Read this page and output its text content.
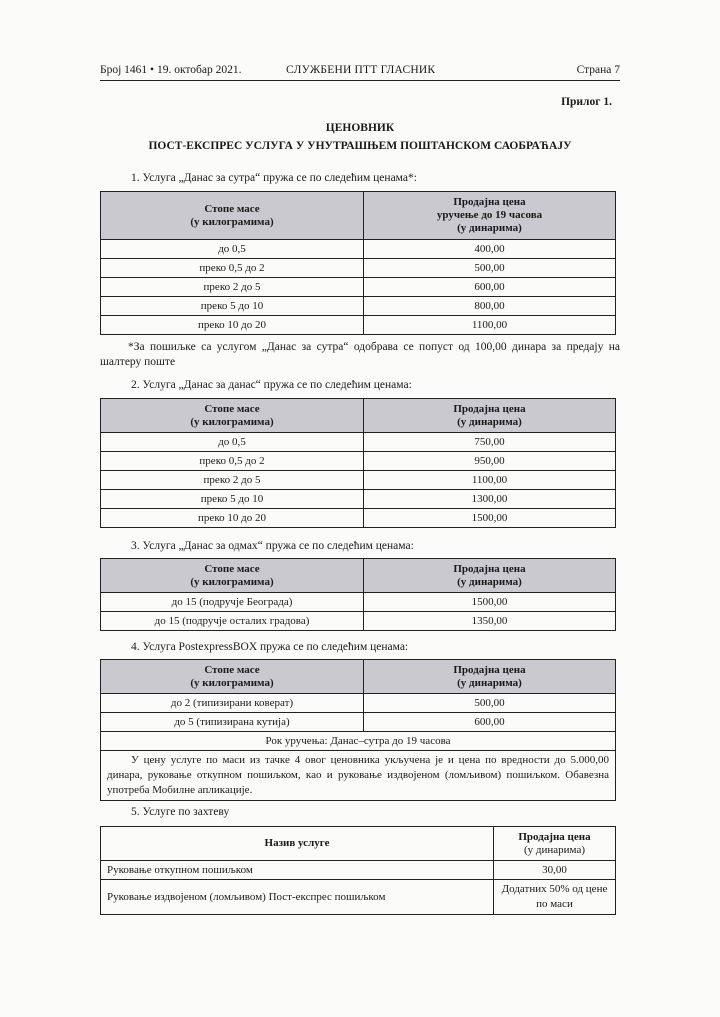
Број 1461 • 19. октобар 2021.	СЛУЖБЕНИ ПТТ ГЛАСНИК	Страна 7
Прилог 1.
ЦЕНОВНИК
ПОСТ-ЕКСПРЕС УСЛУГА У УНУТРАШЊЕМ ПОШТАНСКОМ САОБРАЋАЈУ
1. Услуга „Данас за сутра“ пружа се по следећим ценама*:
Стопе масе
(у килограмима)	Продајна цена
уручење до 19 часова
(у динарима)
до 0,5	400,00
преко 0,5 до 2	500,00
преко 2 до 5	600,00
преко 5 до 10	800,00
преко 10 до 20	1100,00
*За пошиљке са услугом „Данас за сутра“ одобрава се попуст од 100,00 динара за предају на шалтеру поште
2. Услуга „Данас за данас“ пружа се по следећим ценама:
Стопе масе
(у килограмима)	Продајна цена
(у динарима)
до 0,5	750,00
преко 0,5 до 2	950,00
преко 2 до 5	1100,00
преко 5 до 10	1300,00
преко 10 до 20	1500,00
3. Услуга „Данас за одмах“ пружа се по следећим ценама:
Стопе масе
(у килограмима)	Продајна цена
(у динарима)
до 15 (подручје Београда)	1500,00
до 15 (подручје осталих градова)	1350,00
4. Услуга PostexpressBOX пружа се по следећим ценама:
Стопе масе
(у килограмима)	Продајна цена
(у динарима)
до 2 (типизирани коверат)	500,00
до 5 (типизирана кутија)	600,00
Рок уручења: Данас–сутра до 19 часова	
У цену услуге по маси из тачке 4 овог ценовника укључена је и цена по вредности до 5.000,00 динара, руковање откупном пошиљком, као и руковање издвојеном (ломљивом) пошиљком. Обавезна употреба Мобилне апликације.	
5. Услуге по захтеву
Назив услуге	Продајна цена
(у динарима)
Руковање откупном пошиљком	30,00
Руковање издвојеном (ломљивом) Пост-експрес пошиљком	Додатних 50% од цене
по маси
